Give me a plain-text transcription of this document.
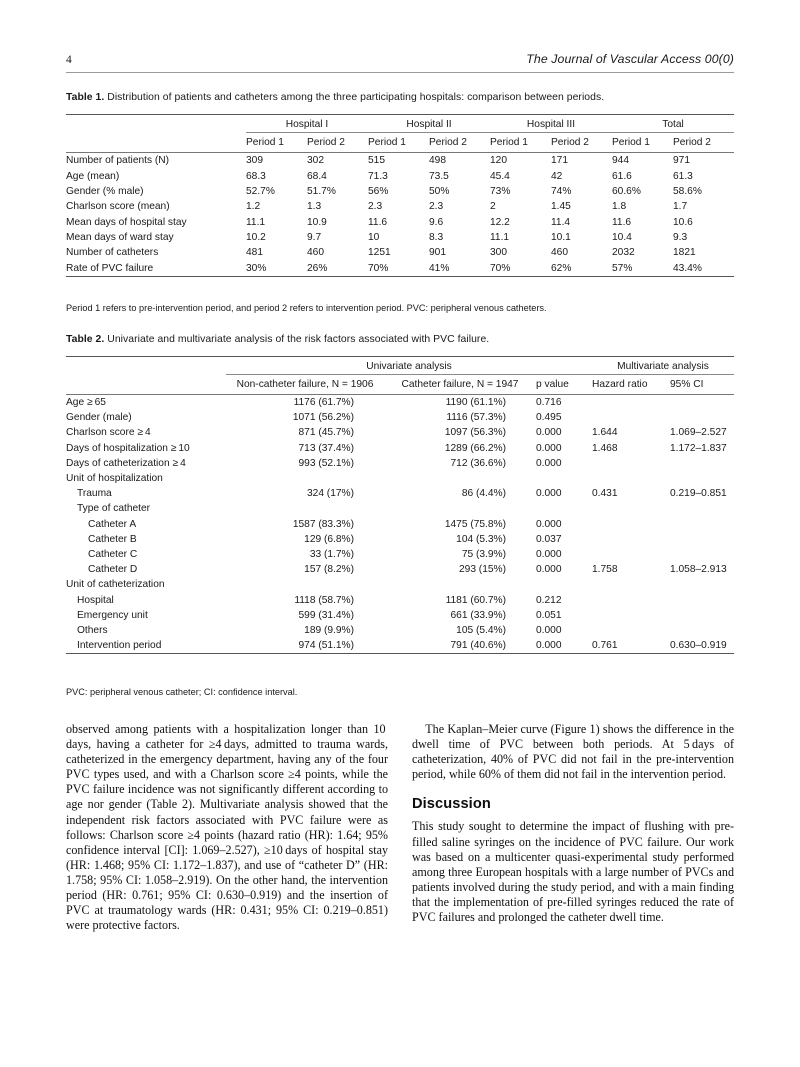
4	The Journal of Vascular Access 00(0)
Table 1. Distribution of patients and catheters among the three participating hospitals: comparison between periods.

	Hospital I		Hospital II		Hospital III		Total	

	Period 1	Period 2	Period 1	Period 2	Period 1	Period 2	Period 1	Period 2
Number of patients (N)	309	302	515	498	120	171	944	971
Age (mean)	68.3	68.4	71.3	73.5	45.4	42	61.6	61.3
Gender (% male)	52.7%	51.7%	56%	50%	73%	74%	60.6%	58.6%
Charlson score (mean)	1.2	1.3	2.3	2.3	2	1.45	1.8	1.7
Mean days of hospital stay	11.1	10.9	11.6	9.6	12.2	11.4	11.6	10.6
Mean days of ward stay	10.2	9.7	10	8.3	11.1	10.1	10.4	9.3
Number of catheters	481	460	1251	901	300	460	2032	1821
Rate of PVC failure	30%	26%	70%	41%	70%	62%	57%	43.4%
Period 1 refers to pre-intervention period, and period 2 refers to intervention period. PVC: peripheral venous catheters.
Table 2. Univariate and multivariate analysis of the risk factors associated with PVC failure.

	Univariate analysis			Multivariate analysis	

	Non-catheter failure, N = 1906	Catheter failure, N = 1947	p value	Hazard ratio	95% CI
Age ≥ 65	1176 (61.7%)	1190 (61.1%)	0.716		
Gender (male)	1071 (56.2%)	1116 (57.3%)	0.495		
Charlson score ≥ 4	871 (45.7%)	1097 (56.3%)	0.000	1.644	1.069–2.527
Days of hospitalization ≥ 10	713 (37.4%)	1289 (66.2%)	0.000	1.468	1.172–1.837
Days of catheterization ≥ 4	993 (52.1%)	712 (36.6%)	0.000		
Unit of hospitalization					
Trauma	324 (17%)	86 (4.4%)	0.000	0.431	0.219–0.851
Type of catheter					
Catheter A	1587 (83.3%)	1475 (75.8%)	0.000		
Catheter B	129 (6.8%)	104 (5.3%)	0.037		
Catheter C	33 (1.7%)	75 (3.9%)	0.000		
Catheter D	157 (8.2%)	293 (15%)	0.000	1.758	1.058–2.913
Unit of catheterization					
Hospital	1118 (58.7%)	1181 (60.7%)	0.212		
Emergency unit	599 (31.4%)	661 (33.9%)	0.051		
Others	189 (9.9%)	105 (5.4%)	0.000		
Intervention period	974 (51.1%)	791 (40.6%)	0.000	0.761	0.630–0.919
PVC: peripheral venous catheter; CI: confidence interval.

observed among patients with a hospitalization longer than 10 days, having a catheter for ≥4 days, admitted to trauma wards, catheterized in the emergency department, having any of the four PVC types used, and with a Charlson score ≥4 points, while the PVC failure incidence was not significantly different according to age nor gender (Table 2). Multivariate analysis showed that the independent risk factors associated with PVC failure were as follows: Charlson score ≥4 points (hazard ratio (HR): 1.64; 95% confidence interval [CI]: 1.069–2.527), ≥10 days of hospital stay (HR: 1.468; 95% CI: 1.172–1.837), and use of “catheter D” (HR: 1.758; 95% CI: 1.058–2.919). On the other hand, the intervention period (HR: 0.761; 95% CI: 0.630–0.919) and the insertion of PVC at traumatology wards (HR: 0.431; 95% CI: 0.219–0.851) were protective factors.

The Kaplan–Meier curve (Figure 1) shows the difference in the dwell time of PVC between both periods. At 5 days of catheterization, 40% of PVC did not fail in the pre-intervention period, while 60% of them did not fail in the intervention period.

Discussion

This study sought to determine the impact of flushing with pre-filled saline syringes on the incidence of PVC failure. Our work was based on a multicenter quasi-experimental study performed among three European hospitals with a large number of PVCs and patients involved during the study period, and with a main finding that the implementation of pre-filled syringes reduced the rate of PVC failures and prolonged the catheter dwell time.
